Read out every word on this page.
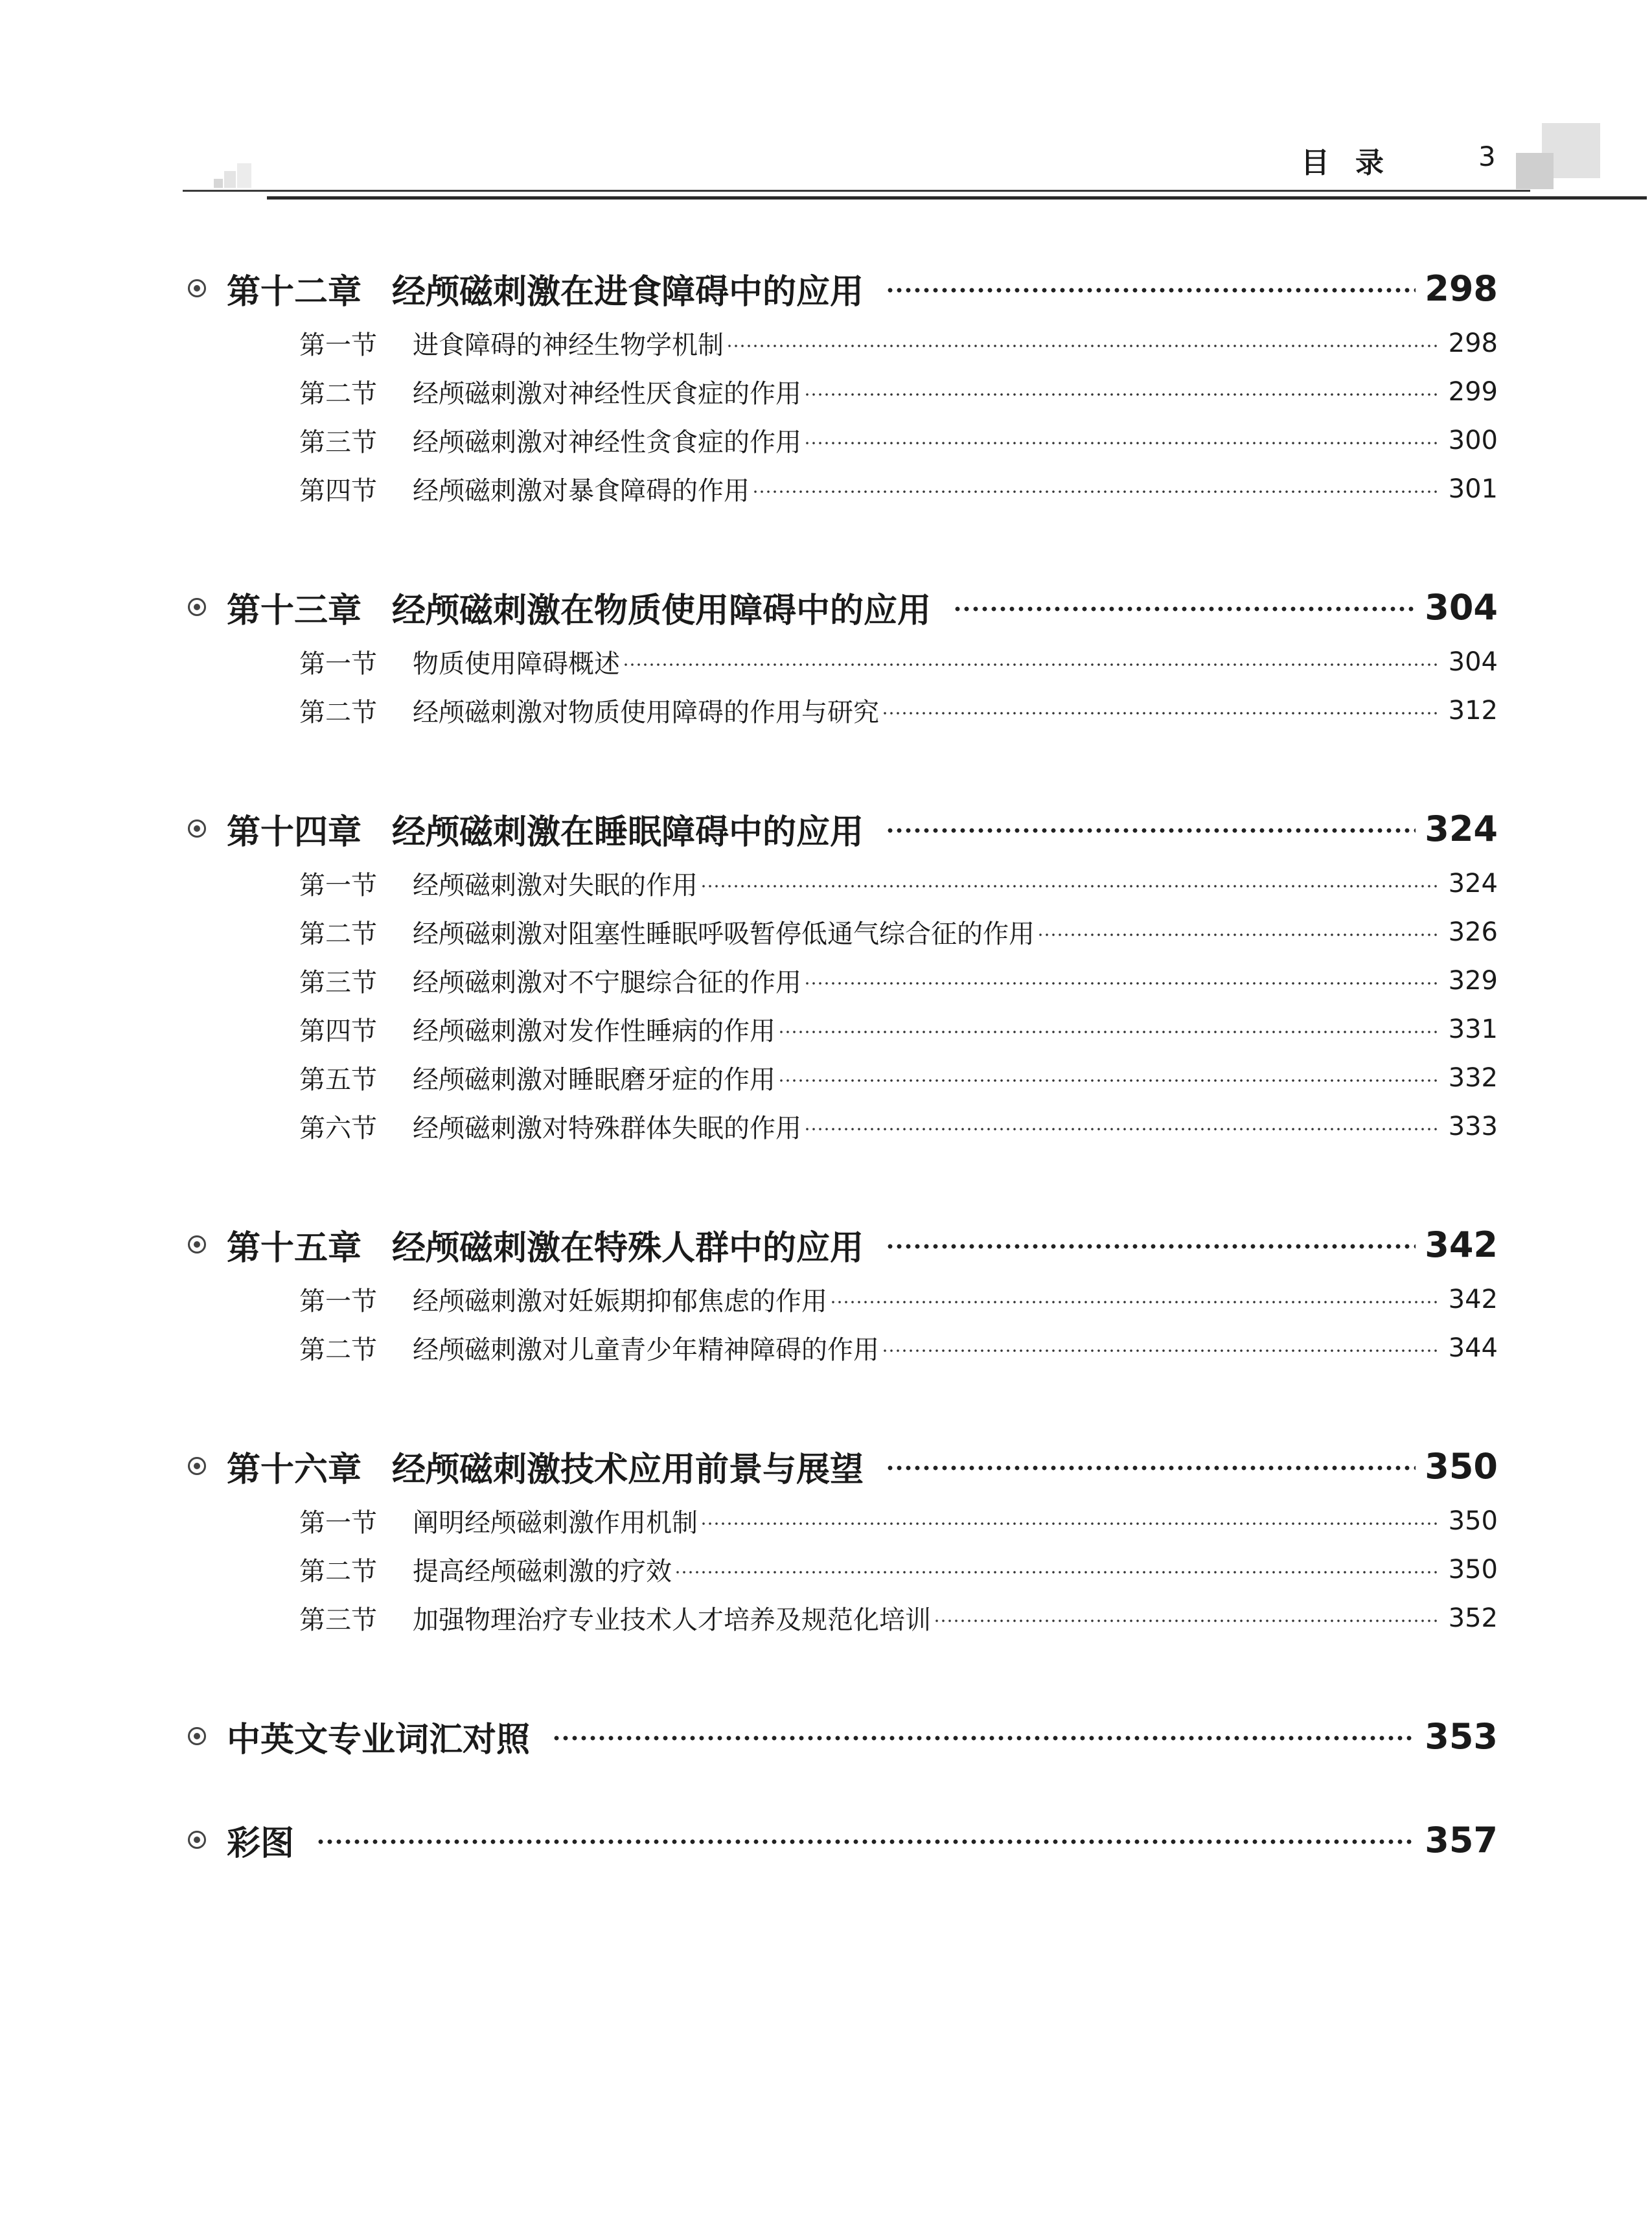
目录	3
第十二章 经颅磁刺激在进食障碍中的应用	298
第一节	进食障碍的神经生物学机制	298
第二节	经颅磁刺激对神经性厌食症的作用	299
第三节	经颅磁刺激对神经性贪食症的作用	300
第四节	经颅磁刺激对暴食障碍的作用	301
第十三章 经颅磁刺激在物质使用障碍中的应用	304
第一节	物质使用障碍概述	304
第二节	经颅磁刺激对物质使用障碍的作用与研究	312
第十四章 经颅磁刺激在睡眠障碍中的应用	324
第一节	经颅磁刺激对失眠的作用	324
第二节	经颅磁刺激对阻塞性睡眠呼吸暂停低通气综合征的作用	326
第三节	经颅磁刺激对不宁腿综合征的作用	329
第四节	经颅磁刺激对发作性睡病的作用	331
第五节	经颅磁刺激对睡眠磨牙症的作用	332
第六节	经颅磁刺激对特殊群体失眠的作用	333
第十五章 经颅磁刺激在特殊人群中的应用	342
第一节	经颅磁刺激对妊娠期抑郁焦虑的作用	342
第二节	经颅磁刺激对儿童青少年精神障碍的作用	344
第十六章 经颅磁刺激技术应用前景与展望	350
第一节	阐明经颅磁刺激作用机制	350
第二节	提高经颅磁刺激的疗效	350
第三节	加强物理治疗专业技术人才培养及规范化培训	352
中英文专业词汇对照	353
彩图	357
